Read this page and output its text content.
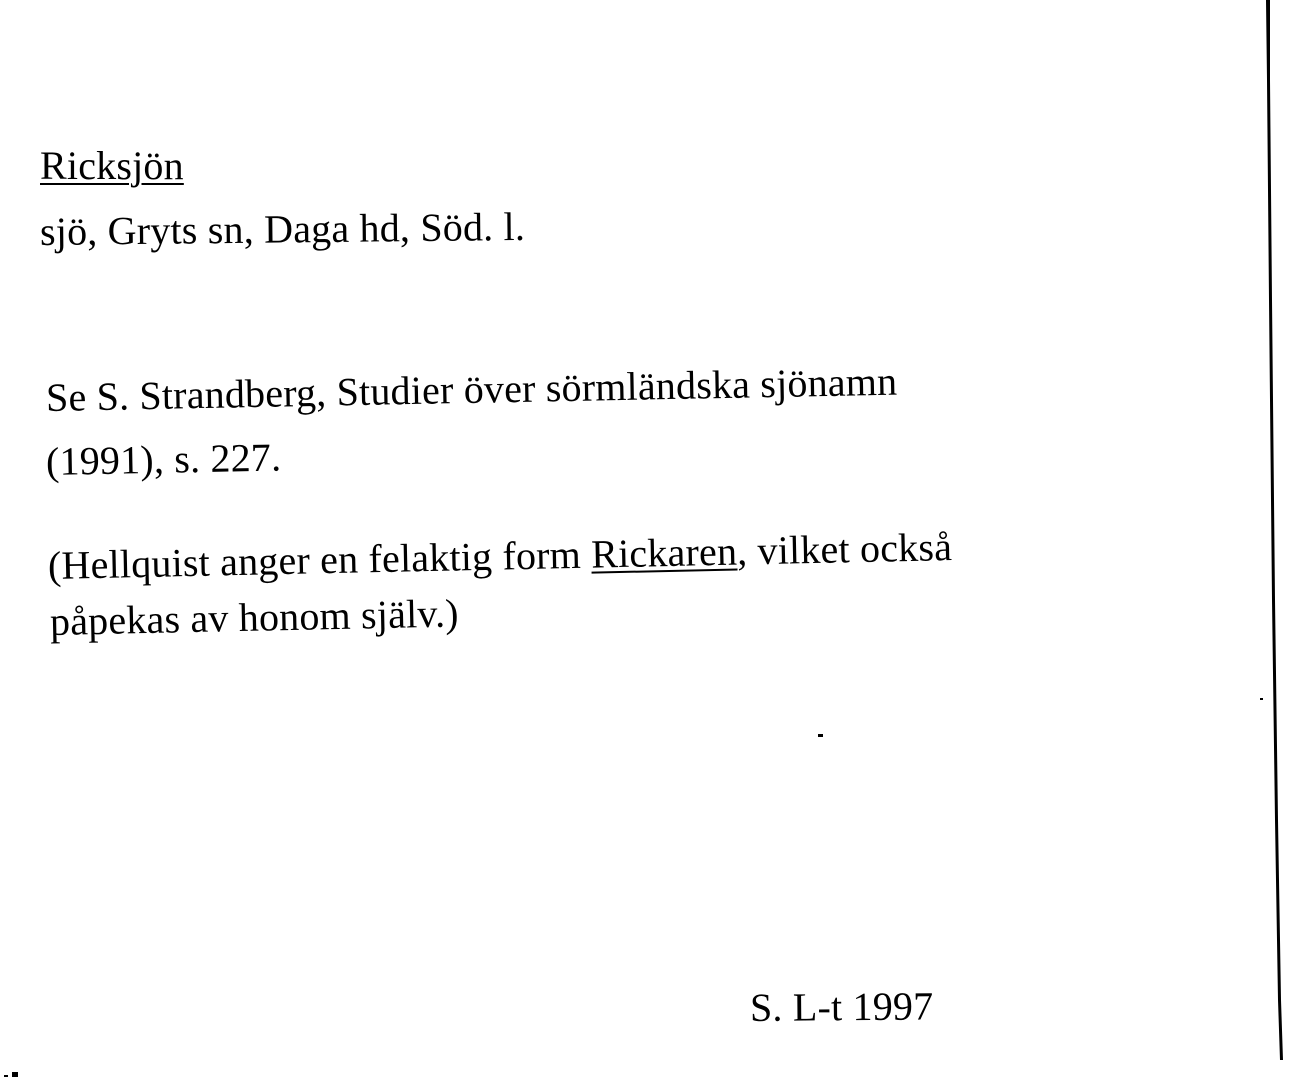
Ricksjön
sjö, Gryts sn, Daga hd, Söd. l.
Se S. Strandberg, Studier över sörmländska sjönamn
(1991), s. 227.
(Hellquist anger en felaktig form Rickaren, vilket också
påpekas av honom själv.)
S. L-t 1997
